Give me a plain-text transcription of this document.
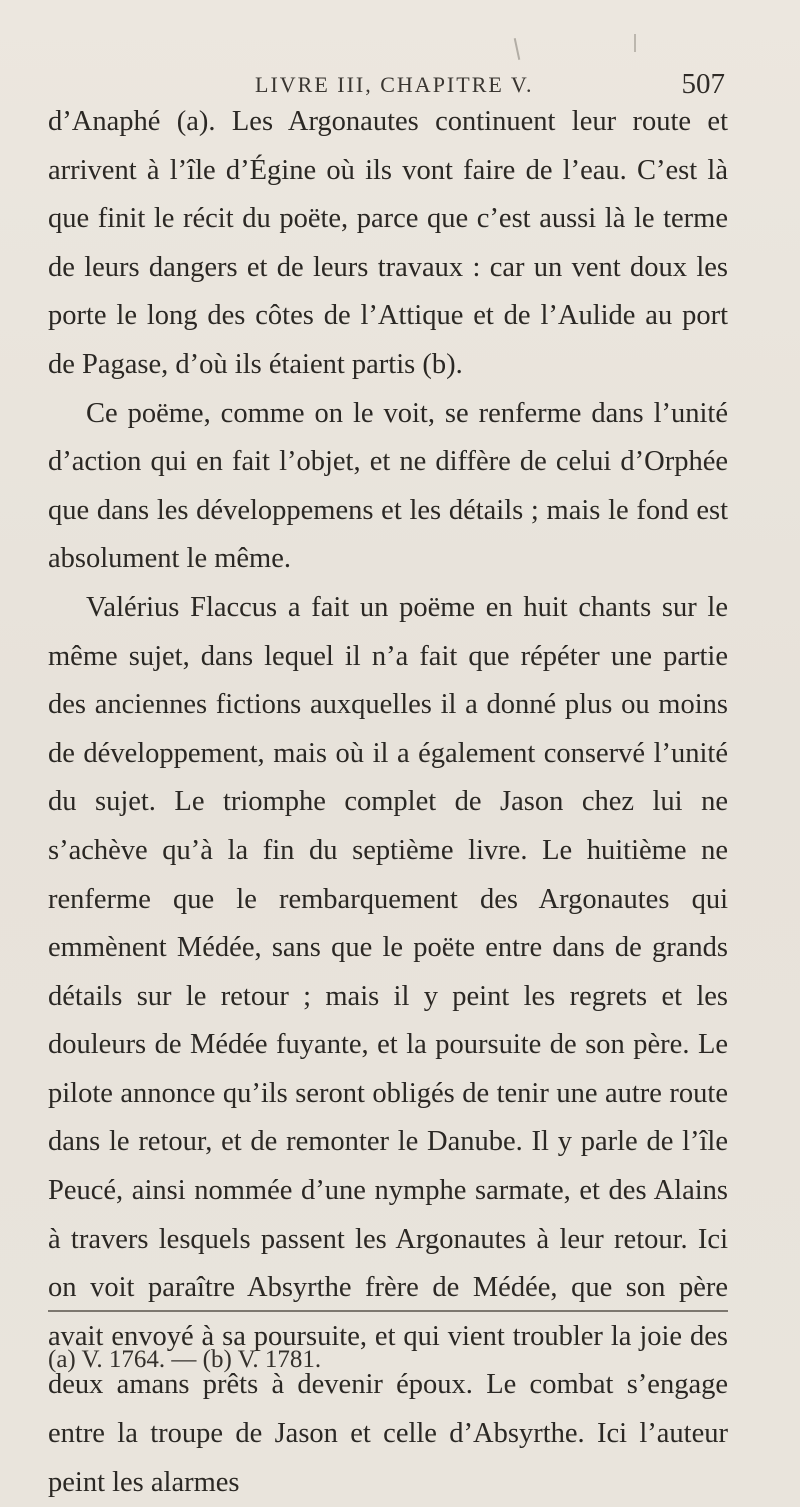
LIVRE III, CHAPITRE V.	507

d’Anaphé (a). Les Argonautes continuent leur route et arrivent à l’île d’Égine où ils vont faire de l’eau. C’est là que finit le récit du poëte, parce que c’est aussi là le terme de leurs dangers et de leurs travaux : car un vent doux les porte le long des côtes de l’Attique et de l’Aulide au port de Pagase, d’où ils étaient partis (b).

Ce poëme, comme on le voit, se renferme dans l’unité d’action qui en fait l’objet, et ne diffère de celui d’Orphée que dans les développemens et les détails ; mais le fond est absolument le même.

Valérius Flaccus a fait un poëme en huit chants sur le même sujet, dans lequel il n’a fait que répéter une partie des anciennes fictions auxquelles il a donné plus ou moins de développement, mais où il a également conservé l’unité du sujet. Le triomphe complet de Jason chez lui ne s’achève qu’à la fin du septième livre. Le huitième ne renferme que le rembarquement des Argonautes qui emmènent Médée, sans que le poëte entre dans de grands détails sur le retour ; mais il y peint les regrets et les douleurs de Médée fuyante, et la poursuite de son père. Le pilote annonce qu’ils seront obligés de tenir une autre route dans le retour, et de remonter le Danube. Il y parle de l’île Peucé, ainsi nommée d’une nymphe sarmate, et des Alains à travers lesquels passent les Argonautes à leur retour. Ici on voit paraître Absyrthe frère de Médée, que son père avait envoyé à sa poursuite, et qui vient troubler la joie des deux amans prêts à devenir époux. Le combat s’engage entre la troupe de Jason et celle d’Absyrthe. Ici l’auteur peint les alarmes

(a) V. 1764. — (b) V. 1781.
